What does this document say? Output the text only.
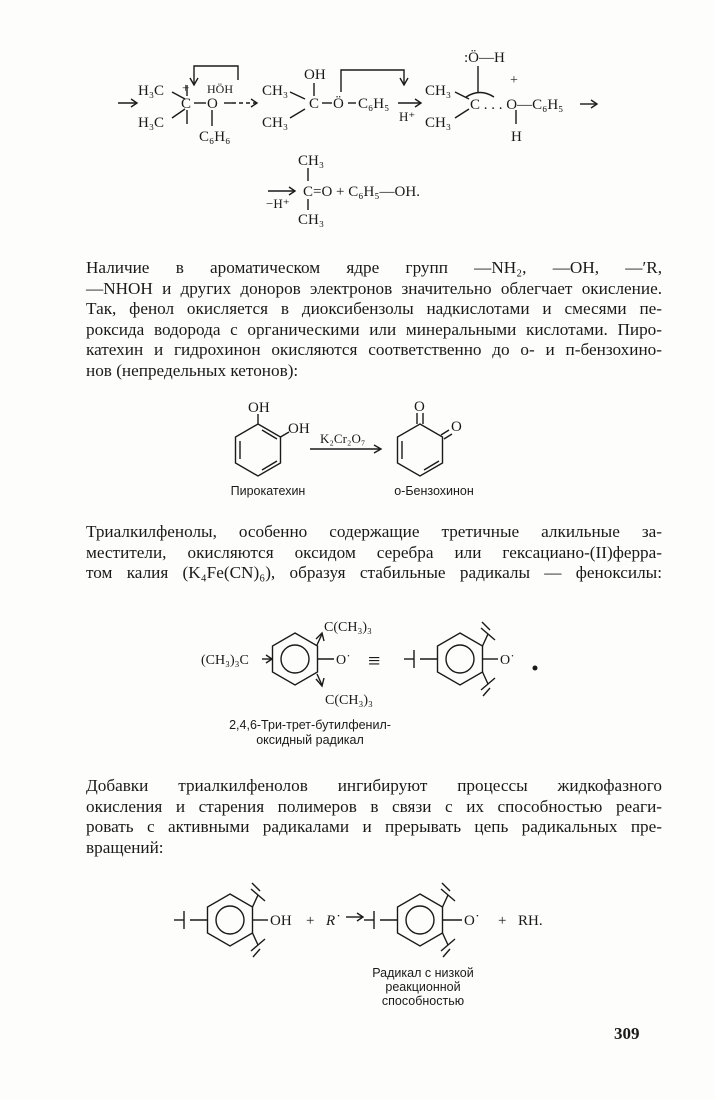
H₃C
H₃C
C
+
O
HÖH
C₆H₆
CH₃
CH₃
OH
C Ö C₆H₅
H⁺
:Ö—H
+
CH₃
CH₃
C . . . O—C₆H₅
H
CH₃
CH₃
−H⁺
C=O + C₆H₅—OH.
Наличие в ароматическом ядре групп —NH₂, —OH, —′R,
—NHOH и других доноров электронов значительно облегчает окисление.
Так, фенол окисляется в диоксибензолы надкислотами и смесями пе-
роксида водорода с органическими или минеральными кислотами. Пиро-
катехин и гидрохинон окисляются соответственно до о- и п-бензохино-
нов (непредельных кетонов):
OH
OH
K₂Cr₂O₇
O
O
Пирокатехин	о-Бензохинон
Триалкилфенолы, особенно содержащие третичные алкильные за-
местители, окисляются оксидом серебра или гексациано-(II)ферра-
том калия (K₄Fe(CN)₆), образуя стабильные радикалы — феноксилы:
C(CH₃)₃
(CH₃)₃C	O˙
C(CH₃)₃
≡	O˙
2,4,6-Три-трет-бутилфенил-
оксидный радикал
Добавки триалкилфенолов ингибируют процессы жидкофазного
окисления и старения полимеров в связи с их способностью реаги-
ровать с активными радикалами и прерывать цепь радикальных пре-
вращений:
OH + R˙	O˙ + RH.
Радикал с низкой
реакционной
способностью
309
